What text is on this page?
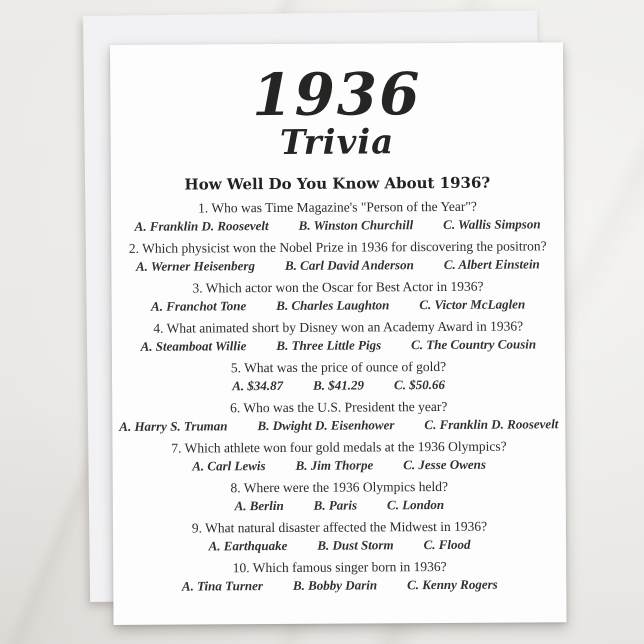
1936
Trivia
How Well Do You Know About 1936?
1. Who was Time Magazine's "Person of the Year"?
A. Franklin D. Roosevelt B. Winston Churchill C. Wallis Simpson
2. Which physicist won the Nobel Prize in 1936 for discovering the positron?
A. Werner Heisenberg B. Carl David Anderson C. Albert Einstein
3. Which actor won the Oscar for Best Actor in 1936?
A. Franchot Tone B. Charles Laughton C. Victor McLaglen
4. What animated short by Disney won an Academy Award in 1936?
A. Steamboat Willie B. Three Little Pigs C. The Country Cousin
5. What was the price of ounce of gold?
A. $34.87 B. $41.29 C. $50.66
6. Who was the U.S. President the year?
A. Harry S. Truman B. Dwight D. Eisenhower C. Franklin D. Roosevelt
7. Which athlete won four gold medals at the 1936 Olympics?
A. Carl Lewis B. Jim Thorpe C. Jesse Owens
8. Where were the 1936 Olympics held?
A. Berlin B. Paris C. London
9. What natural disaster affected the Midwest in 1936?
A. Earthquake B. Dust Storm C. Flood
10. Which famous singer born in 1936?
A. Tina Turner B. Bobby Darin C. Kenny Rogers
